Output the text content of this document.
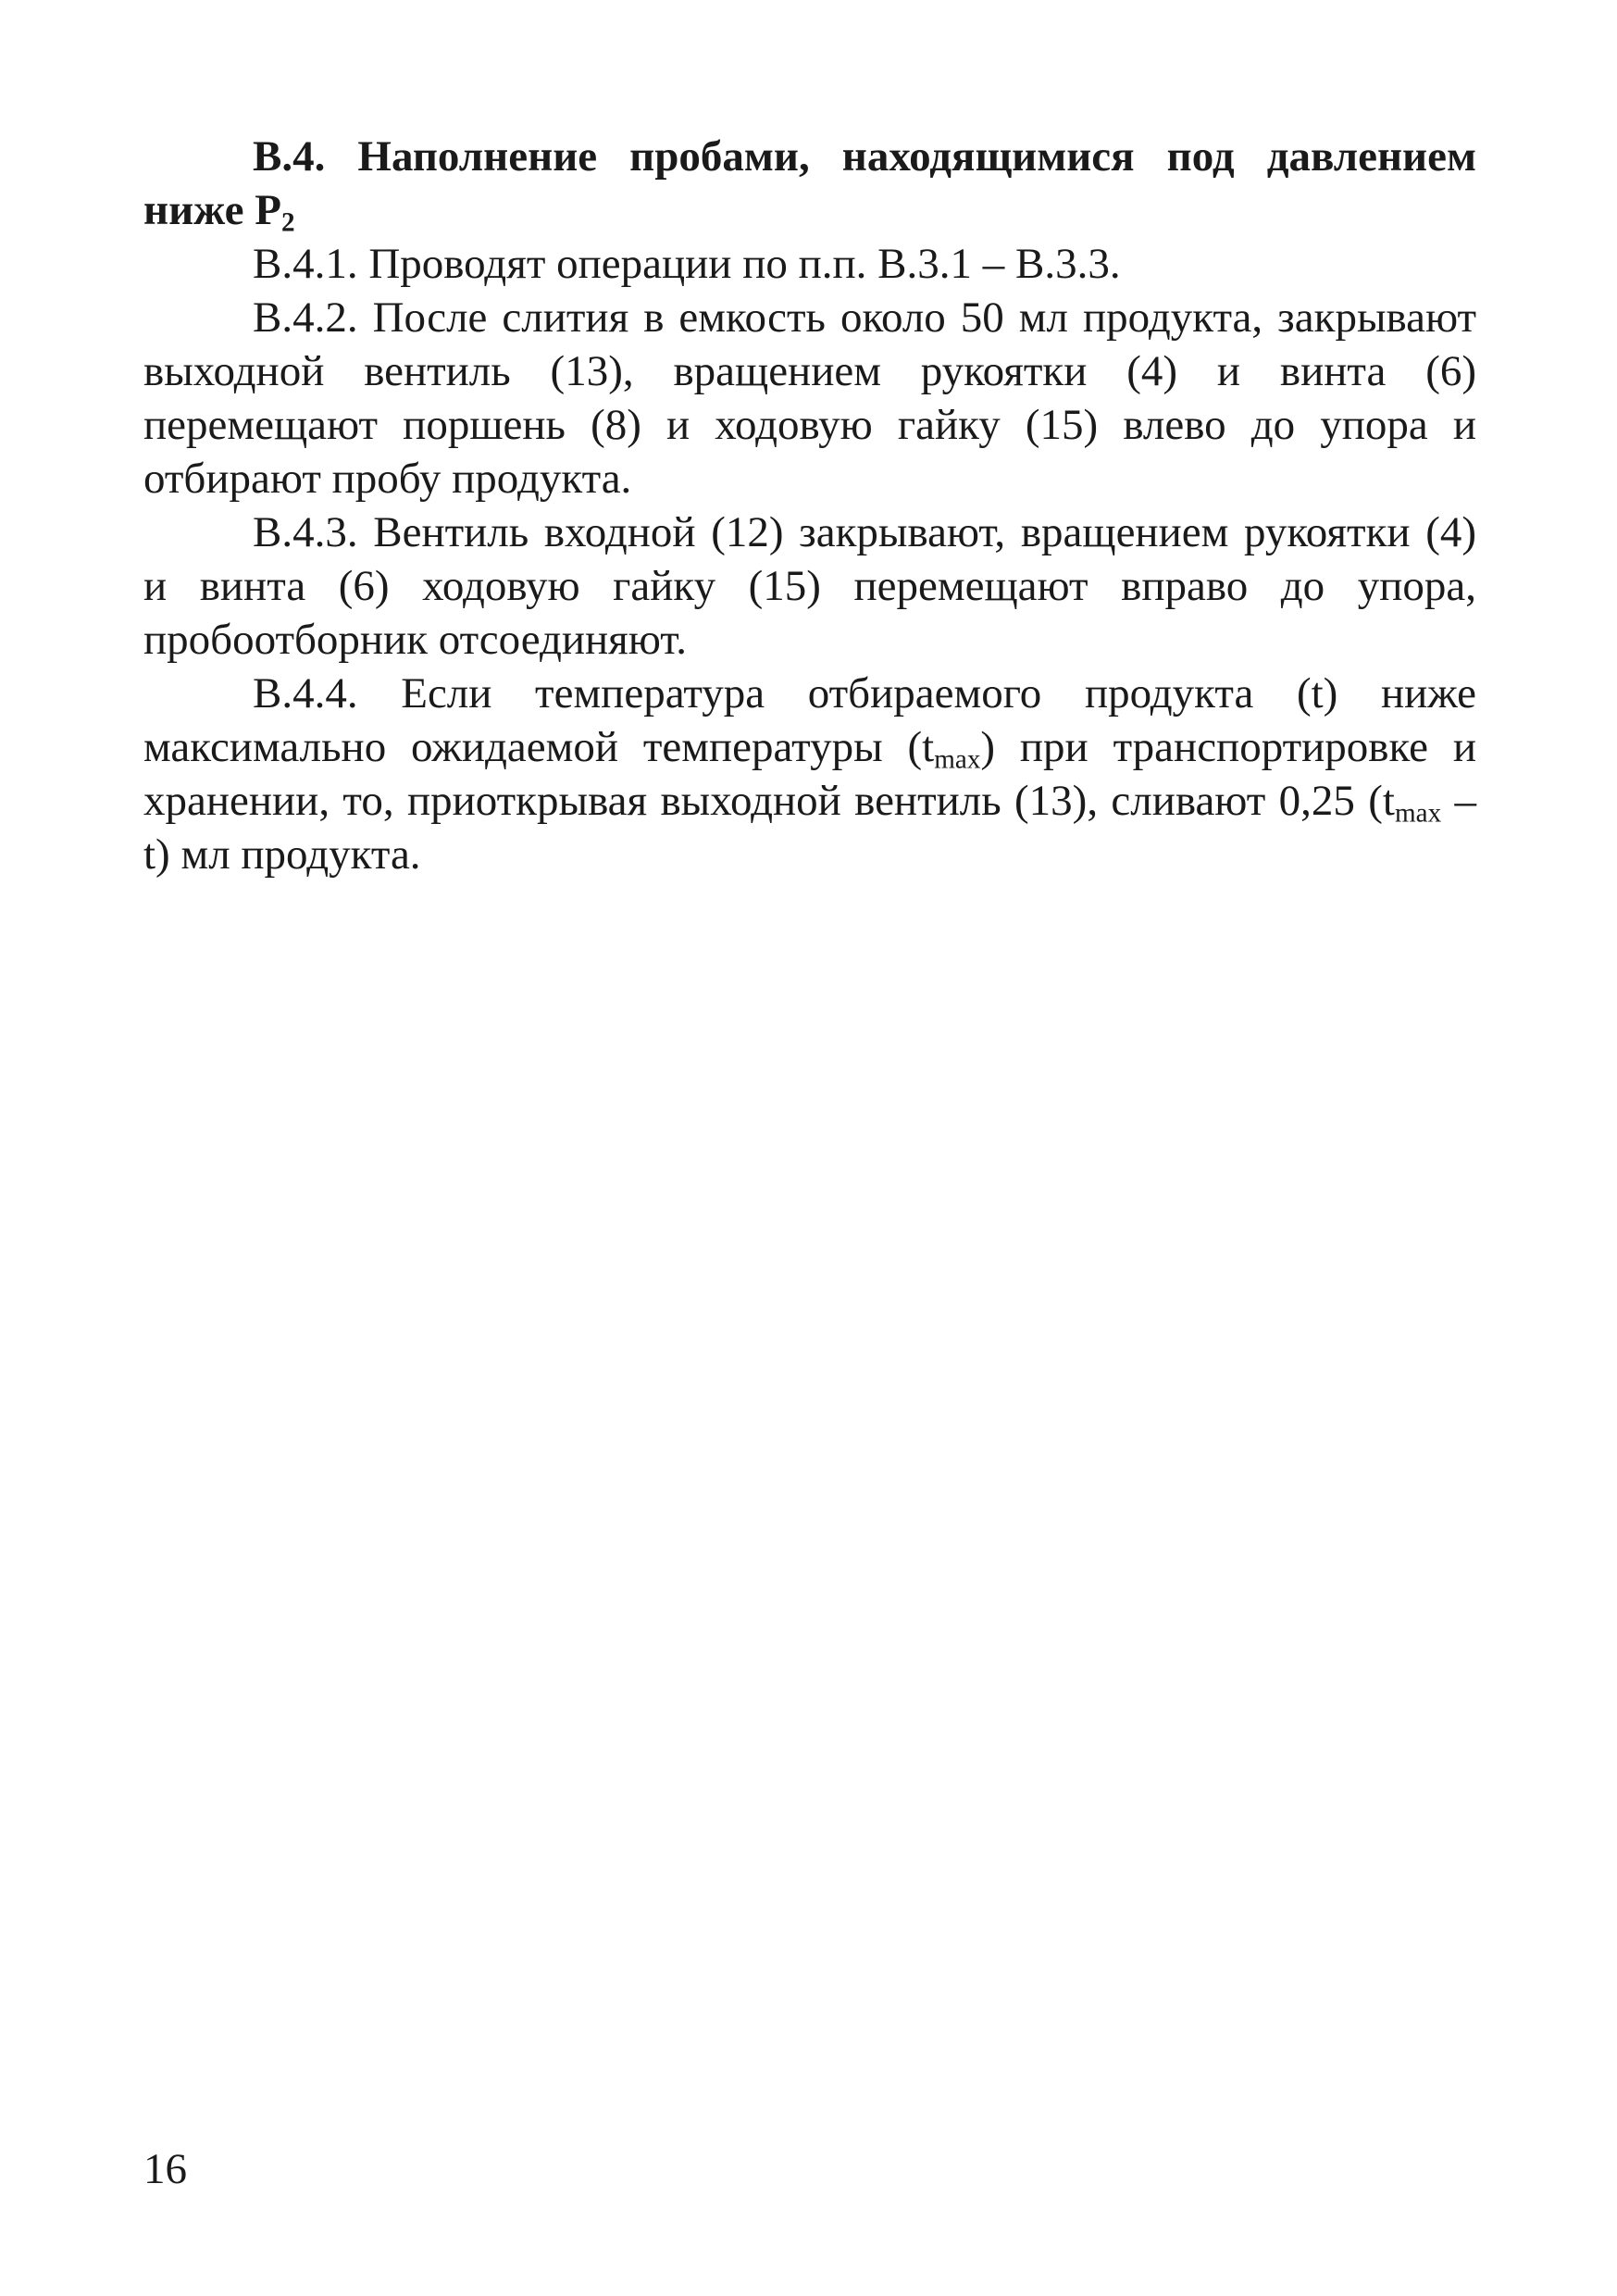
В.4. Наполнение пробами, находящимися под давлением ниже $Р_2$

В.4.1. Проводят операции по п.п. В.3.1 – В.3.3.

В.4.2. После слития в емкость около 50 мл продукта, закрывают выходной вентиль (13), вращением рукоятки (4) и винта (6) перемещают поршень (8) и ходовую гайку (15) влево до упора и отбирают пробу продукта.

В.4.3. Вентиль входной (12) закрывают, вращением рукоятки (4) и винта (6) ходовую гайку (15) перемещают вправо до упора, пробоотборник отсоединяют.

В.4.4. Если температура отбираемого продукта (t) ниже максимально ожидаемой температуры $(t_{max})$ при транспортировке и хранении, то, приоткрывая выходной вентиль (13), сливают 0,25 $(t_{max} - t)$ мл продукта.

16
